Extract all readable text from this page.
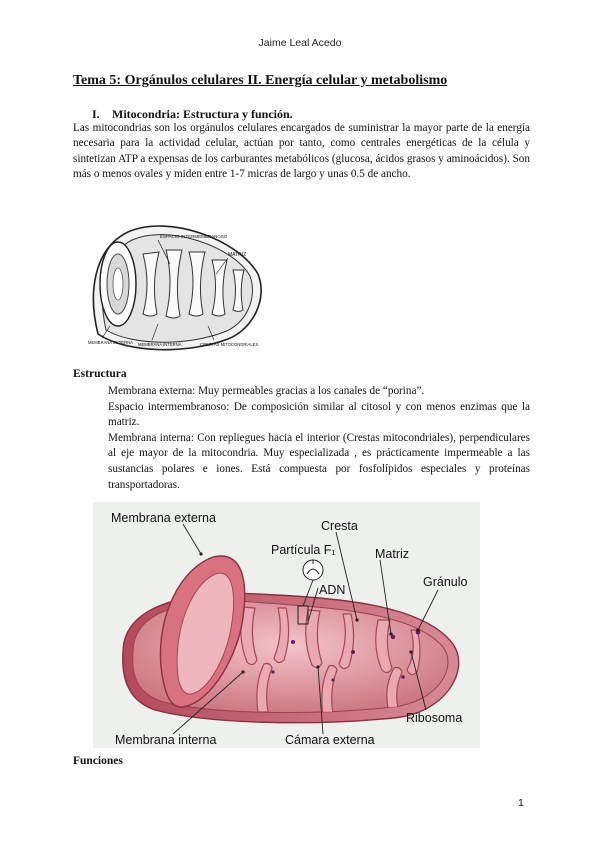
Jaime Leal Acedo
Tema 5: Orgánulos celulares II. Energía celular y metabolismo
I. Mitocondria: Estructura y función.
Las mitocondrias son los orgánulos celulares encargados de suministrar la mayor parte de la energía necesaria para la actividad celular, actúan por tanto, como centrales energéticas de la célula y sintetizan ATP a expensas de los carburantes metabólicos (glucosa, ácidos grasos y aminoácidos). Son más o menos ovales y miden entre 1-7 micras de largo y unas 0.5 de ancho.
ESPACIO INTERMEMBRANOSO
MATRIZ
MEMBRANA EXTERNA MEMBRANA INTERNA	CRESTAS MITOCONDRIALES
Estructura

Membrana externa: Muy permeables gracias a los canales de “porina”.

Espacio intermembranoso: De composición similar al citosol y con menos enzimas que la matriz.

Membrana interna: Con repliegues hacia el interior (Crestas mitocondriales), perpendiculares al eje mayor de la mitocondria. Muy especializada , es prácticamente impermeable a las sustancias polares e iones. Está compuesta por fosfolípidos especiales y proteínas transportadoras.

Membrana externa
Cresta
Partícula F₁	Matriz
ADN
Gránulo
Ribosoma
Membrana interna	Cámara externa
Funciones
1
